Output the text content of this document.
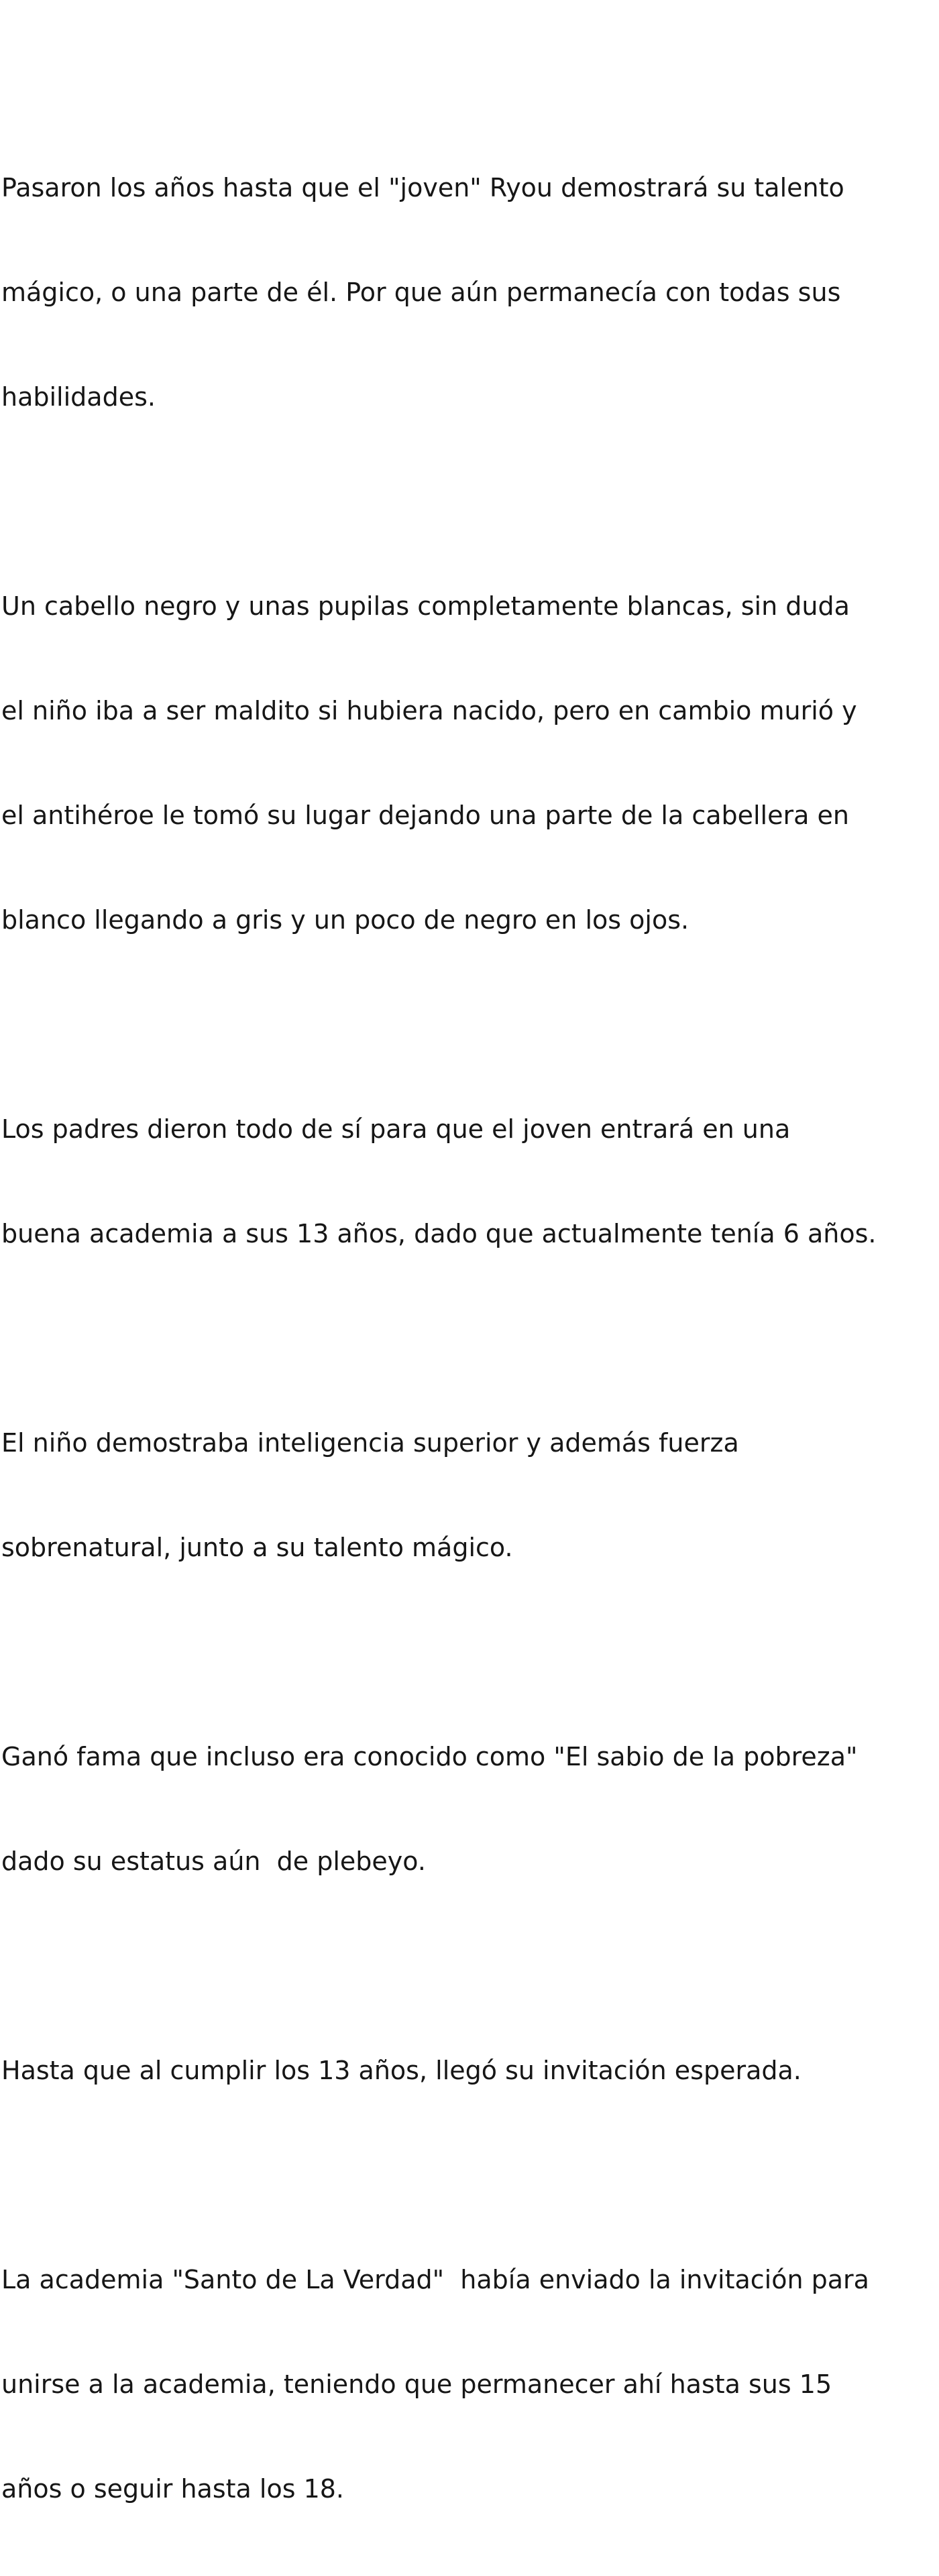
Pasaron los años hasta que el "joven" Ryou demostrará su talento

mágico, o una parte de él. Por que aún permanecía con todas sus

habilidades.

Un cabello negro y unas pupilas completamente blancas, sin duda

el niño iba a ser maldito si hubiera nacido, pero en cambio murió y

el antihéroe le tomó su lugar dejando una parte de la cabellera en

blanco llegando a gris y un poco de negro en los ojos.

Los padres dieron todo de sí para que el joven entrará en una

buena academia a sus 13 años, dado que actualmente tenía 6 años.

El niño demostraba inteligencia superior y además fuerza

sobrenatural, junto a su talento mágico.

Ganó fama que incluso era conocido como "El sabio de la pobreza"

dado su estatus aún  de plebeyo.

Hasta que al cumplir los 13 años, llegó su invitación esperada.

La academia "Santo de La Verdad"  había enviado la invitación para

unirse a la academia, teniendo que permanecer ahí hasta sus 15

años o seguir hasta los 18.
